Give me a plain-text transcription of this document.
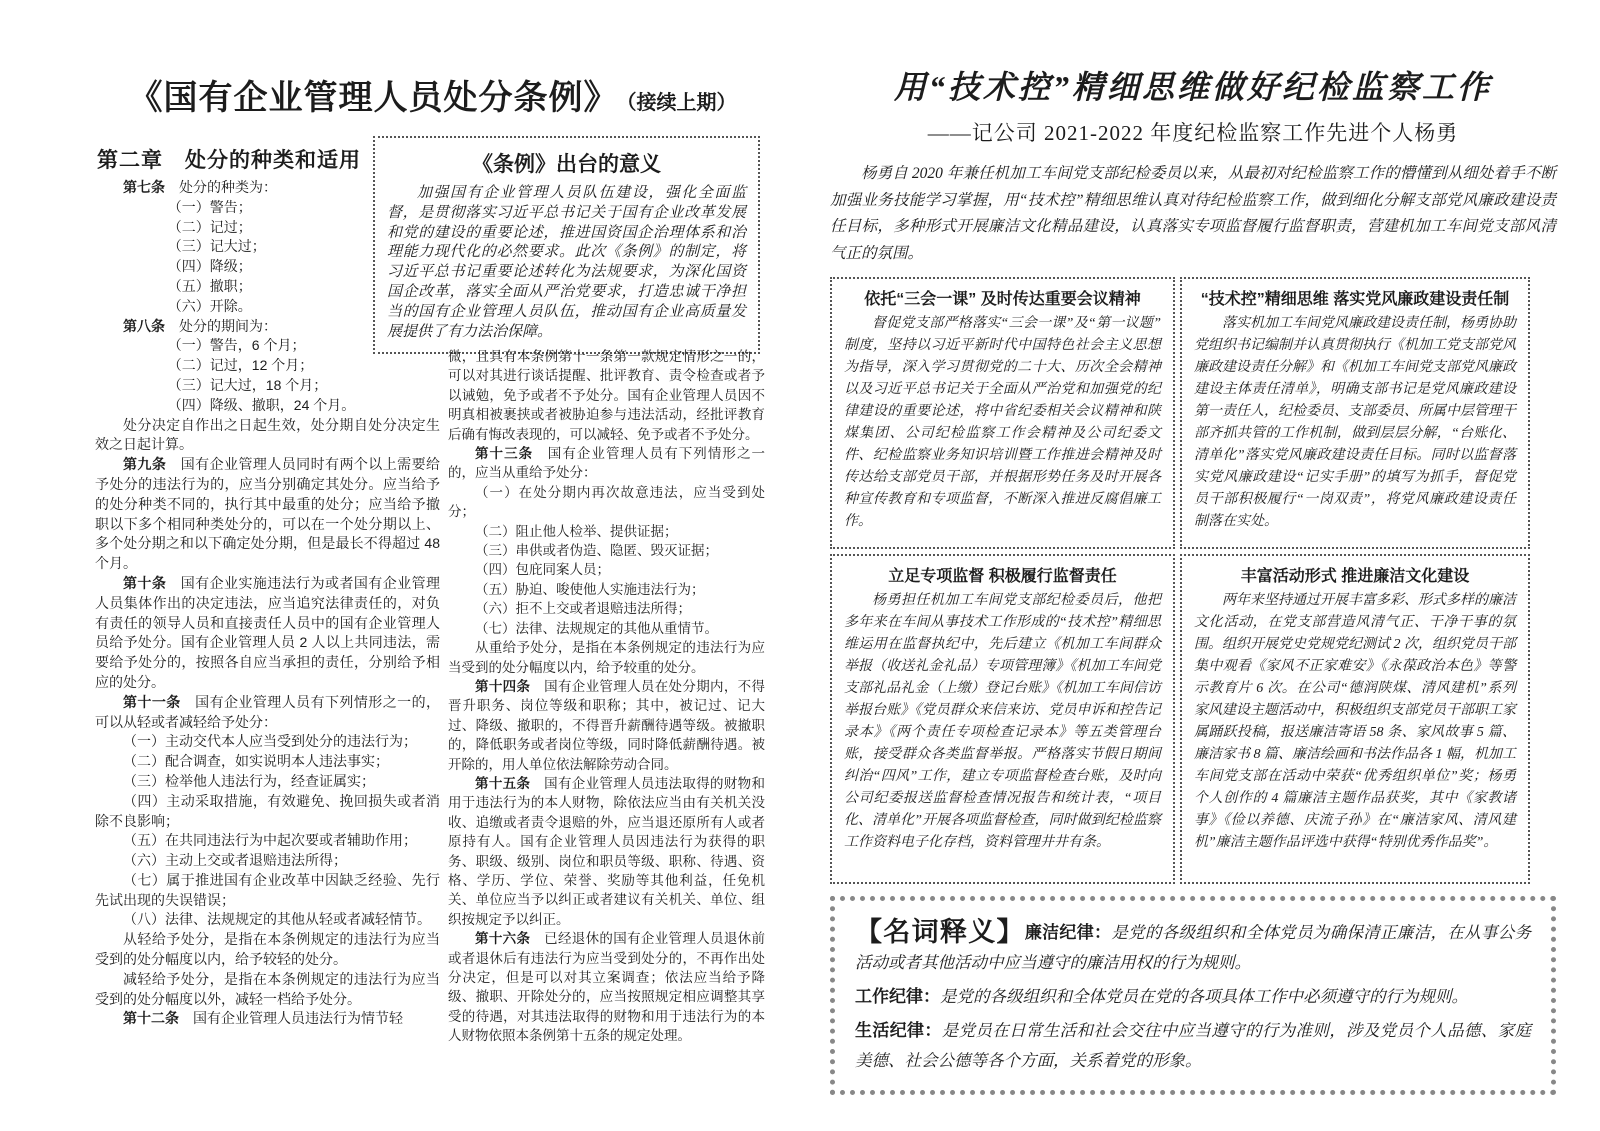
《国有企业管理人员处分条例》 （接续上期）
第二章　处分的种类和适用
第七条　处分的种类为：
（一）警告；
（二）记过；
（三）记大过；
（四）降级；
（五）撤职；
（六）开除。
第八条　处分的期间为：
（一）警告，6 个月；
（二）记过，12 个月；
（三）记大过，18 个月；
（四）降级、撤职，24 个月。
处分决定自作出之日起生效，处分期自处分决定生效之日起计算。
第九条　国有企业管理人员同时有两个以上需要给予处分的违法行为的，应当分别确定其处分。应当给予的处分种类不同的，执行其中最重的处分；应当给予撤职以下多个相同种类处分的，可以在一个处分期以上、多个处分期之和以下确定处分期，但是最长不得超过 48 个月。
第十条　国有企业实施违法行为或者国有企业管理人员集体作出的决定违法，应当追究法律责任的，对负有责任的领导人员和直接责任人员中的国有企业管理人员给予处分。国有企业管理人员 2 人以上共同违法，需要给予处分的，按照各自应当承担的责任，分别给予相应的处分。
第十一条　国有企业管理人员有下列情形之一的，可以从轻或者减轻给予处分：
（一）主动交代本人应当受到处分的违法行为；
（二）配合调查，如实说明本人违法事实；
（三）检举他人违法行为，经查证属实；
（四）主动采取措施，有效避免、挽回损失或者消除不良影响；
（五）在共同违法行为中起次要或者辅助作用；
（六）主动上交或者退赔违法所得；
（七）属于推进国有企业改革中因缺乏经验、先行先试出现的失误错误；
（八）法律、法规规定的其他从轻或者减轻情节。
从轻给予处分，是指在本条例规定的违法行为应当受到的处分幅度以内，给予较轻的处分。
减轻给予处分，是指在本条例规定的违法行为应当受到的处分幅度以外，减轻一档给予处分。
第十二条　国有企业管理人员违法行为情节轻
《条例》出台的意义
加强国有企业管理人员队伍建设，强化全面监督，是贯彻落实习近平总书记关于国有企业改革发展和党的建设的重要论述，推进国资国企治理体系和治理能力现代化的必然要求。此次《条例》的制定，将习近平总书记重要论述转化为法规要求，为深化国资国企改革，落实全面从严治党要求，打造忠诚干净担当的国有企业管理人员队伍，推动国有企业高质量发展提供了有力法治保障。
微，且具有本条例第十一条第一款规定情形之一的，可以对其进行谈话提醒、批评教育、责令检查或者予以诫勉，免予或者不予处分。国有企业管理人员因不明真相被裹挟或者被胁迫参与违法活动，经批评教育后确有悔改表现的，可以减轻、免予或者不予处分。
第十三条　国有企业管理人员有下列情形之一的，应当从重给予处分：
（一）在处分期内再次故意违法，应当受到处分；
（二）阻止他人检举、提供证据；
（三）串供或者伪造、隐匿、毁灭证据；
（四）包庇同案人员；
（五）胁迫、唆使他人实施违法行为；
（六）拒不上交或者退赔违法所得；
（七）法律、法规规定的其他从重情节。
从重给予处分，是指在本条例规定的违法行为应当受到的处分幅度以内，给予较重的处分。
第十四条　国有企业管理人员在处分期内，不得晋升职务、岗位等级和职称；其中，被记过、记大过、降级、撤职的，不得晋升薪酬待遇等级。被撤职的，降低职务或者岗位等级，同时降低薪酬待遇。被开除的，用人单位依法解除劳动合同。
第十五条　国有企业管理人员违法取得的财物和用于违法行为的本人财物，除依法应当由有关机关没收、追缴或者责令退赔的外，应当退还原所有人或者原持有人。国有企业管理人员因违法行为获得的职务、职级、级别、岗位和职员等级、职称、待遇、资格、学历、学位、荣誉、奖励等其他利益，任免机关、单位应当予以纠正或者建议有关机关、单位、组织按规定予以纠正。
第十六条　已经退休的国有企业管理人员退休前或者退休后有违法行为应当受到处分的，不再作出处分决定，但是可以对其立案调查；依法应当给予降级、撤职、开除处分的，应当按照规定相应调整其享受的待遇，对其违法取得的财物和用于违法行为的本人财物依照本条例第十五条的规定处理。
用“技术控”精细思维做好纪检监察工作
——记公司 2021-2022 年度纪检监察工作先进个人杨勇
杨勇自 2020 年兼任机加工车间党支部纪检委员以来，从最初对纪检监察工作的懵懂到从细处着手不断加强业务技能学习掌握，用“技术控”精细思维认真对待纪检监察工作，做到细化分解支部党风廉政建设责任目标，多种形式开展廉洁文化精品建设，认真落实专项监督履行监督职责，营建机加工车间党支部风清气正的氛围。
依托“三会一课” 及时传达重要会议精神
督促党支部严格落实“三会一课”及“第一议题”制度，坚持以习近平新时代中国特色社会主义思想为指导，深入学习贯彻党的二十大、历次全会精神以及习近平总书记关于全面从严治党和加强党的纪律建设的重要论述，将中省纪委相关会议精神和陕煤集团、公司纪检监察工作会精神及公司纪委文件、纪检监察业务知识培训暨工作推进会精神及时传达给支部党员干部，并根据形势任务及时开展各种宣传教育和专项监督，不断深入推进反腐倡廉工作。
“技术控”精细思维 落实党风廉政建设责任制
落实机加工车间党风廉政建设责任制，杨勇协助党组织书记编制并认真贯彻执行《机加工党支部党风廉政建设责任分解》和《机加工车间党支部党风廉政建设主体责任清单》，明确支部书记是党风廉政建设第一责任人，纪检委员、支部委员、所属中层管理干部齐抓共管的工作机制，做到层层分解，“台账化、清单化”落实党风廉政建设责任目标。同时以监督落实党风廉政建设“记实手册”的填写为抓手，督促党员干部积极履行“一岗双责”，将党风廉政建设责任制落在实处。
立足专项监督 积极履行监督责任
杨勇担任机加工车间党支部纪检委员后，他把多年来在车间从事技术工作形成的“技术控”精细思维运用在监督执纪中，先后建立《机加工车间群众举报（收送礼金礼品）专项管理簿》《机加工车间党支部礼品礼金（上缴）登记台账》《机加工车间信访举报台账》《党员群众来信来访、党员申诉和控告记录本》《两个责任专项检查记录本》等五类管理台账，接受群众各类监督举报。严格落实节假日期间纠治“四风”工作，建立专项监督检查台账，及时向公司纪委报送监督检查情况报告和统计表，“项目化、清单化”开展各项监督检查，同时做到纪检监察工作资料电子化存档，资料管理井井有条。
丰富活动形式 推进廉洁文化建设
两年来坚持通过开展丰富多彩、形式多样的廉洁文化活动，在党支部营造风清气正、干净干事的氛围。组织开展党史党规党纪测试 2 次，组织党员干部集中观看《家风不正家难安》《永葆政治本色》等警示教育片 6 次。在公司“德润陕煤、清风建机”系列家风建设主题活动中，积极组织支部党员干部职工家属踊跃投稿，报送廉洁寄语 58 条、家风故事 5 篇、廉洁家书 8 篇、廉洁绘画和书法作品各 1 幅，机加工车间党支部在活动中荣获“优秀组织单位”奖；杨勇个人创作的 4 篇廉洁主题作品获奖，其中《家教诸事》《俭以养德、庆流子孙》在“廉洁家风、清风建机”廉洁主题作品评选中获得“特别优秀作品奖”。

【名词释义】廉洁纪律：是党的各级组织和全体党员为确保清正廉洁，在从事公务活动或者其他活动中应当遵守的廉洁用权的行为规则。

工作纪律：是党的各级组织和全体党员在党的各项具体工作中必须遵守的行为规则。

生活纪律：是党员在日常生活和社会交往中应当遵守的行为准则，涉及党员个人品德、家庭美德、社会公德等各个方面，关系着党的形象。
